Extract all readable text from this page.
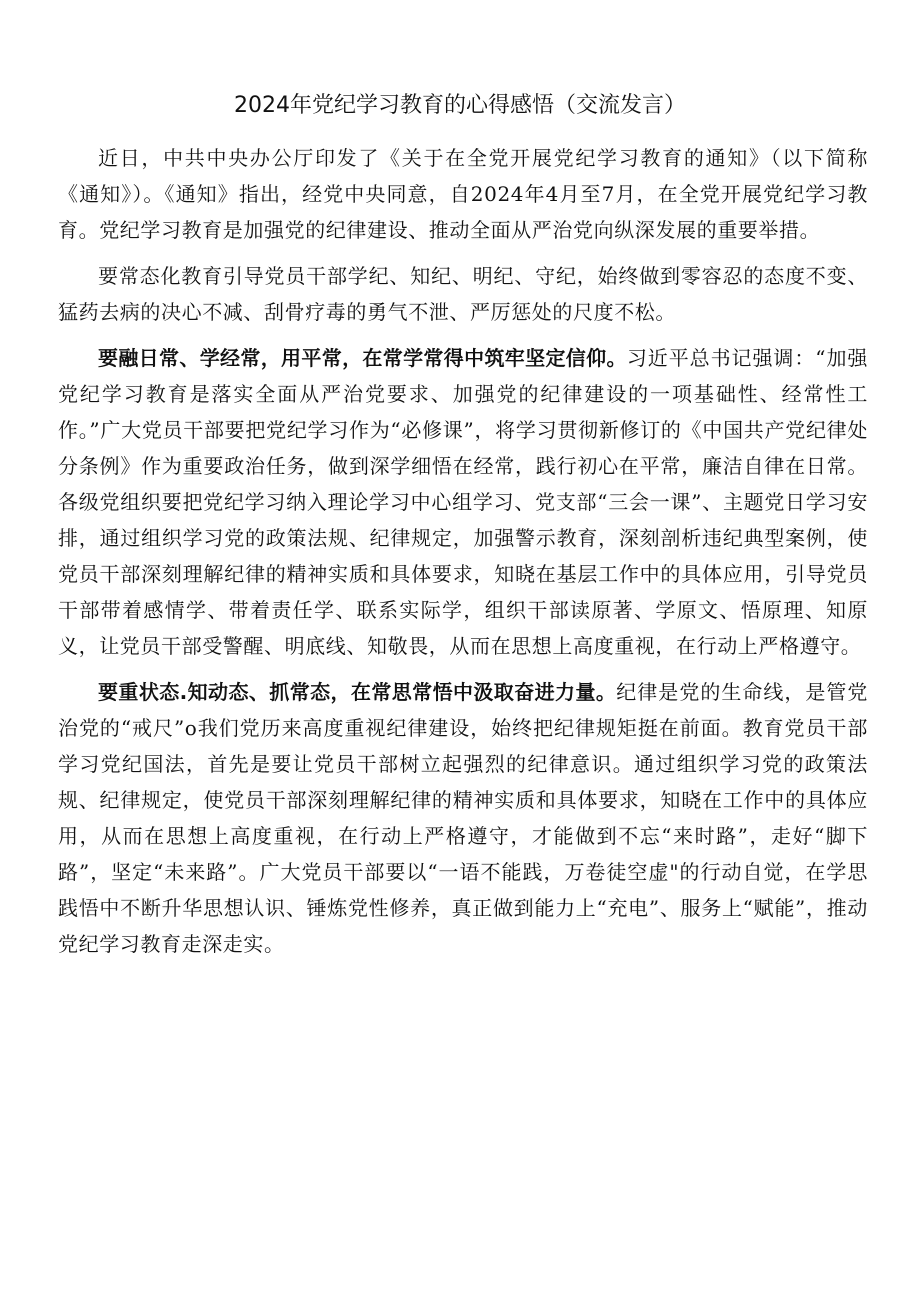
2024年党纪学习教育的心得感悟（交流发言）

近日，中共中央办公厅印发了《关于在全党开展党纪学习教育的通知》（以下简称《通知》）。《通知》指出，经党中央同意，自2024年4月至7月，在全党开展党纪学习教育。党纪学习教育是加强党的纪律建设、推动全面从严治党向纵深发展的重要举措。

要常态化教育引导党员干部学纪、知纪、明纪、守纪，始终做到零容忍的态度不变、猛药去病的决心不减、刮骨疗毒的勇气不泄、严厉惩处的尺度不松。

要融日常、学经常，用平常，在常学常得中筑牢坚定信仰。习近平总书记强调：“加强党纪学习教育是落实全面从严治党要求、加强党的纪律建设的一项基础性、经常性工作。”广大党员干部要把党纪学习作为“必修课”，将学习贯彻新修订的《中国共产党纪律处分条例》作为重要政治任务，做到深学细悟在经常，践行初心在平常，廉洁自律在日常。各级党组织要把党纪学习纳入理论学习中心组学习、党支部“三会一课”、主题党日学习安排，通过组织学习党的政策法规、纪律规定，加强警示教育，深刻剖析违纪典型案例，使党员干部深刻理解纪律的精神实质和具体要求，知晓在基层工作中的具体应用，引导党员干部带着感情学、带着责任学、联系实际学，组织干部读原著、学原文、悟原理、知原义，让党员干部受警醒、明底线、知敬畏，从而在思想上高度重视，在行动上严格遵守。

要重状态.知动态、抓常态，在常思常悟中汲取奋进力量。纪律是党的生命线，是管党治党的“戒尺”o我们党历来高度重视纪律建设，始终把纪律规矩挺在前面。教育党员干部学习党纪国法，首先是要让党员干部树立起强烈的纪律意识。通过组织学习党的政策法规、纪律规定，使党员干部深刻理解纪律的精神实质和具体要求，知晓在工作中的具体应用，从而在思想上高度重视，在行动上严格遵守，才能做到不忘“来时路”，走好“脚下路”，坚定“未来路”。广大党员干部要以“一语不能践，万卷徒空虚"的行动自觉，在学思践悟中不断升华思想认识、锤炼党性修养，真正做到能力上“充电”、服务上“赋能”，推动党纪学习教育走深走实。
